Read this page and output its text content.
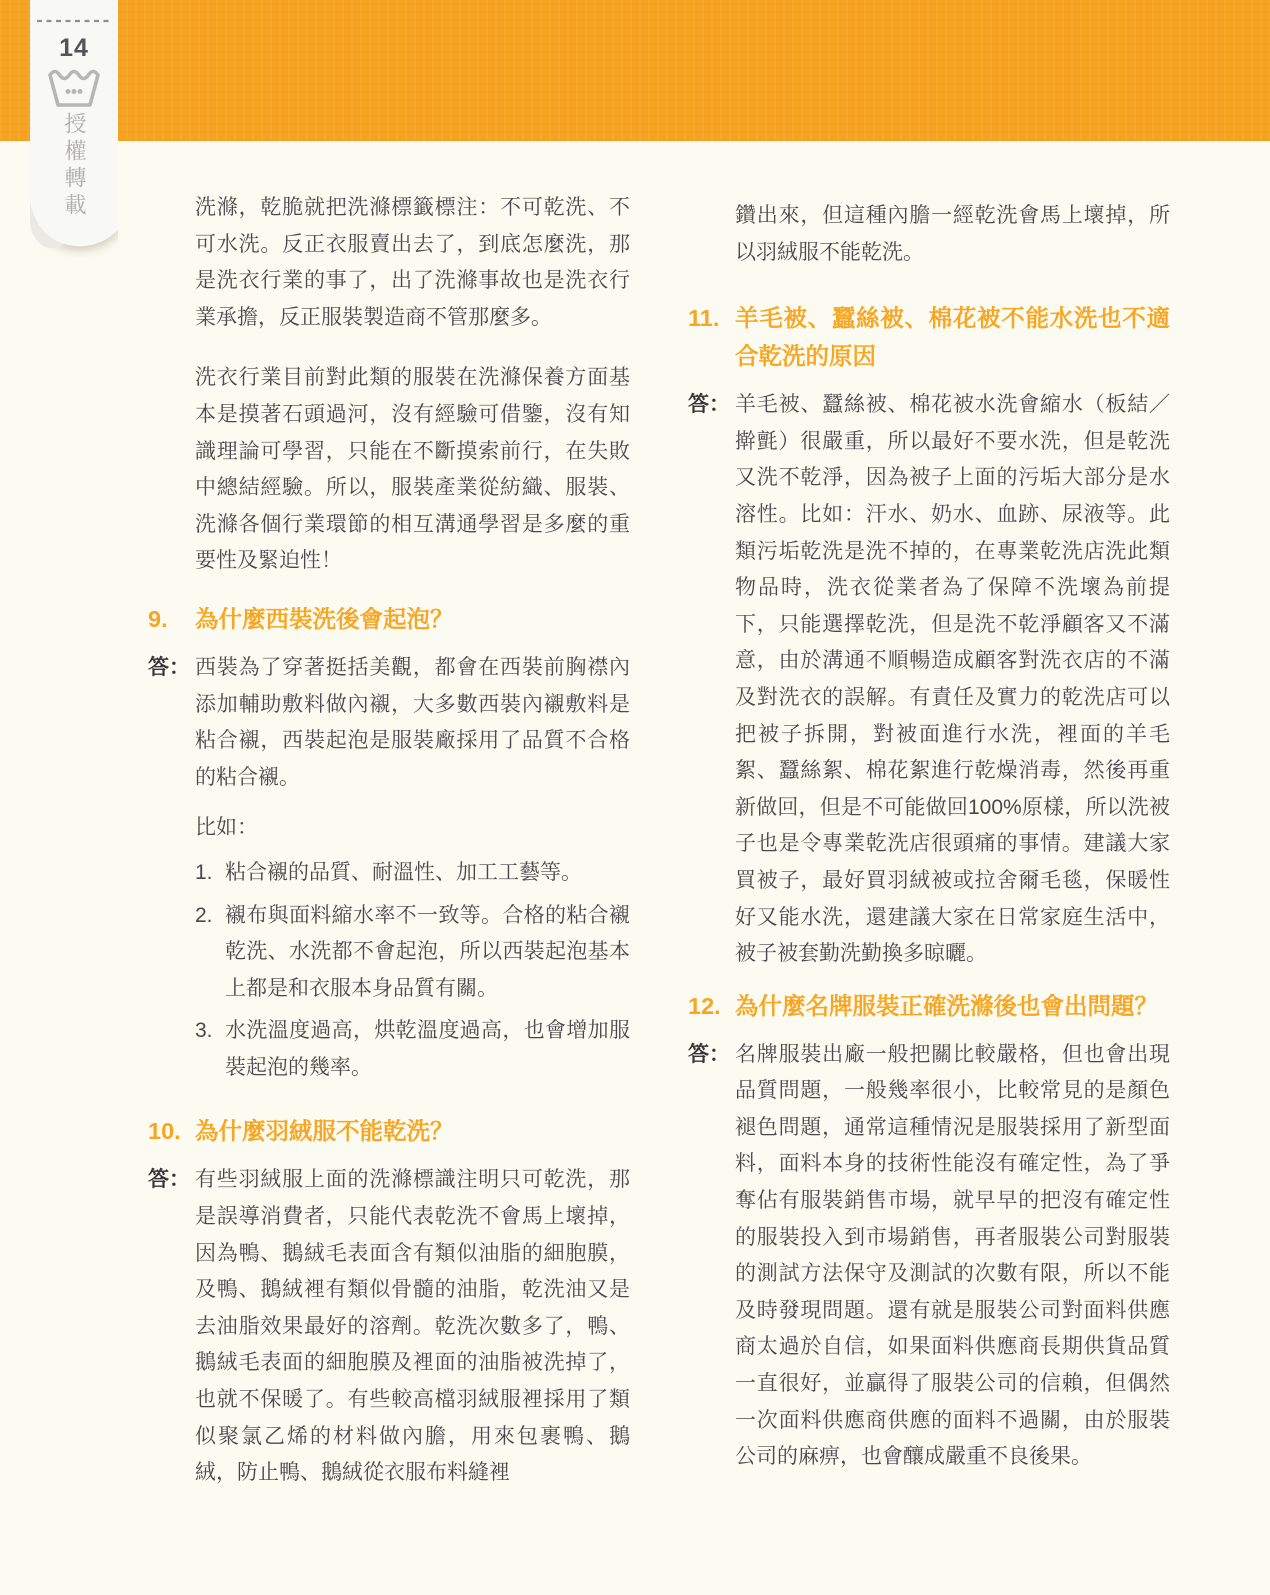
14
授權轉載	洗滌，乾脆就把洗滌標籤標注：不可乾洗、不可水洗。反正衣服賣出去了，到底怎麼洗，那是洗衣行業的事了，出了洗滌事故也是洗衣行業承擔，反正服裝製造商不管那麼多。

洗衣行業目前對此類的服裝在洗滌保養方面基本是摸著石頭過河，沒有經驗可借鑒，沒有知識理論可學習，只能在不斷摸索前行，在失敗中總結經驗。所以，服裝產業從紡織、服裝、洗滌各個行業環節的相互溝通學習是多麼的重要性及緊迫性！

9.	為什麼西裝洗後會起泡？
答： 西裝為了穿著挺括美觀，都會在西裝前胸襟內添加輔助敷料做內襯，大多數西裝內襯敷料是粘合襯，西裝起泡是服裝廠採用了品質不合格的粘合襯。

比如：

1. 粘合襯的品質、耐溫性、加工工藝等。
2. 襯布與面料縮水率不一致等。合格的粘合襯乾洗、水洗都不會起泡，所以西裝起泡基本上都是和衣服本身品質有關。
3. 水洗溫度過高，烘乾溫度過高，也會增加服裝起泡的幾率。
10. 為什麼羽絨服不能乾洗？
答： 有些羽絨服上面的洗滌標識注明只可乾洗，那是誤導消費者，只能代表乾洗不會馬上壞掉，因為鴨、鵝絨毛表面含有類似油脂的細胞膜，及鴨、鵝絨裡有類似骨髓的油脂，乾洗油又是去油脂效果最好的溶劑。乾洗次數多了，鴨、鵝絨毛表面的細胞膜及裡面的油脂被洗掉了，也就不保暖了。有些較高檔羽絨服裡採用了類似聚氯乙烯的材料做內膽，用來包裹鴨、鵝絨，防止鴨、鵝絨從衣服布料縫裡

鑽出來，但這種內膽一經乾洗會馬上壞掉，所以羽絨服不能乾洗。

11. 羊毛被、蠶絲被、棉花被不能水洗也不適合乾洗的原因
答： 羊毛被、蠶絲被、棉花被水洗會縮水（板結／擀氈）很嚴重，所以最好不要水洗，但是乾洗又洗不乾淨，因為被子上面的污垢大部分是水溶性。比如：汗水、奶水、血跡、尿液等。此類污垢乾洗是洗不掉的，在專業乾洗店洗此類物品時，洗衣從業者為了保障不洗壞為前提下，只能選擇乾洗，但是洗不乾淨顧客又不滿意，由於溝通不順暢造成顧客對洗衣店的不滿及對洗衣的誤解。有責任及實力的乾洗店可以把被子拆開，對被面進行水洗，裡面的羊毛絮、蠶絲絮、棉花絮進行乾燥消毒，然後再重新做回，但是不可能做回100%原樣，所以洗被子也是令專業乾洗店很頭痛的事情。建議大家買被子，最好買羽絨被或拉舍爾毛毯，保暖性好又能水洗，還建議大家在日常家庭生活中，被子被套勤洗勤換多晾曬。
12. 為什麼名牌服裝正確洗滌後也會出問題？
答： 名牌服裝出廠一般把關比較嚴格，但也會出現品質問題，一般幾率很小，比較常見的是顏色褪色問題，通常這種情況是服裝採用了新型面料，面料本身的技術性能沒有確定性，為了爭奪佔有服裝銷售市場，就早早的把沒有確定性的服裝投入到市場銷售，再者服裝公司對服裝的測試方法保守及測試的次數有限，所以不能及時發現問題。還有就是服裝公司對面料供應商太過於自信，如果面料供應商長期供貨品質一直很好，並贏得了服裝公司的信賴，但偶然一次面料供應商供應的面料不過關，由於服裝公司的麻痹，也會釀成嚴重不良後果。
